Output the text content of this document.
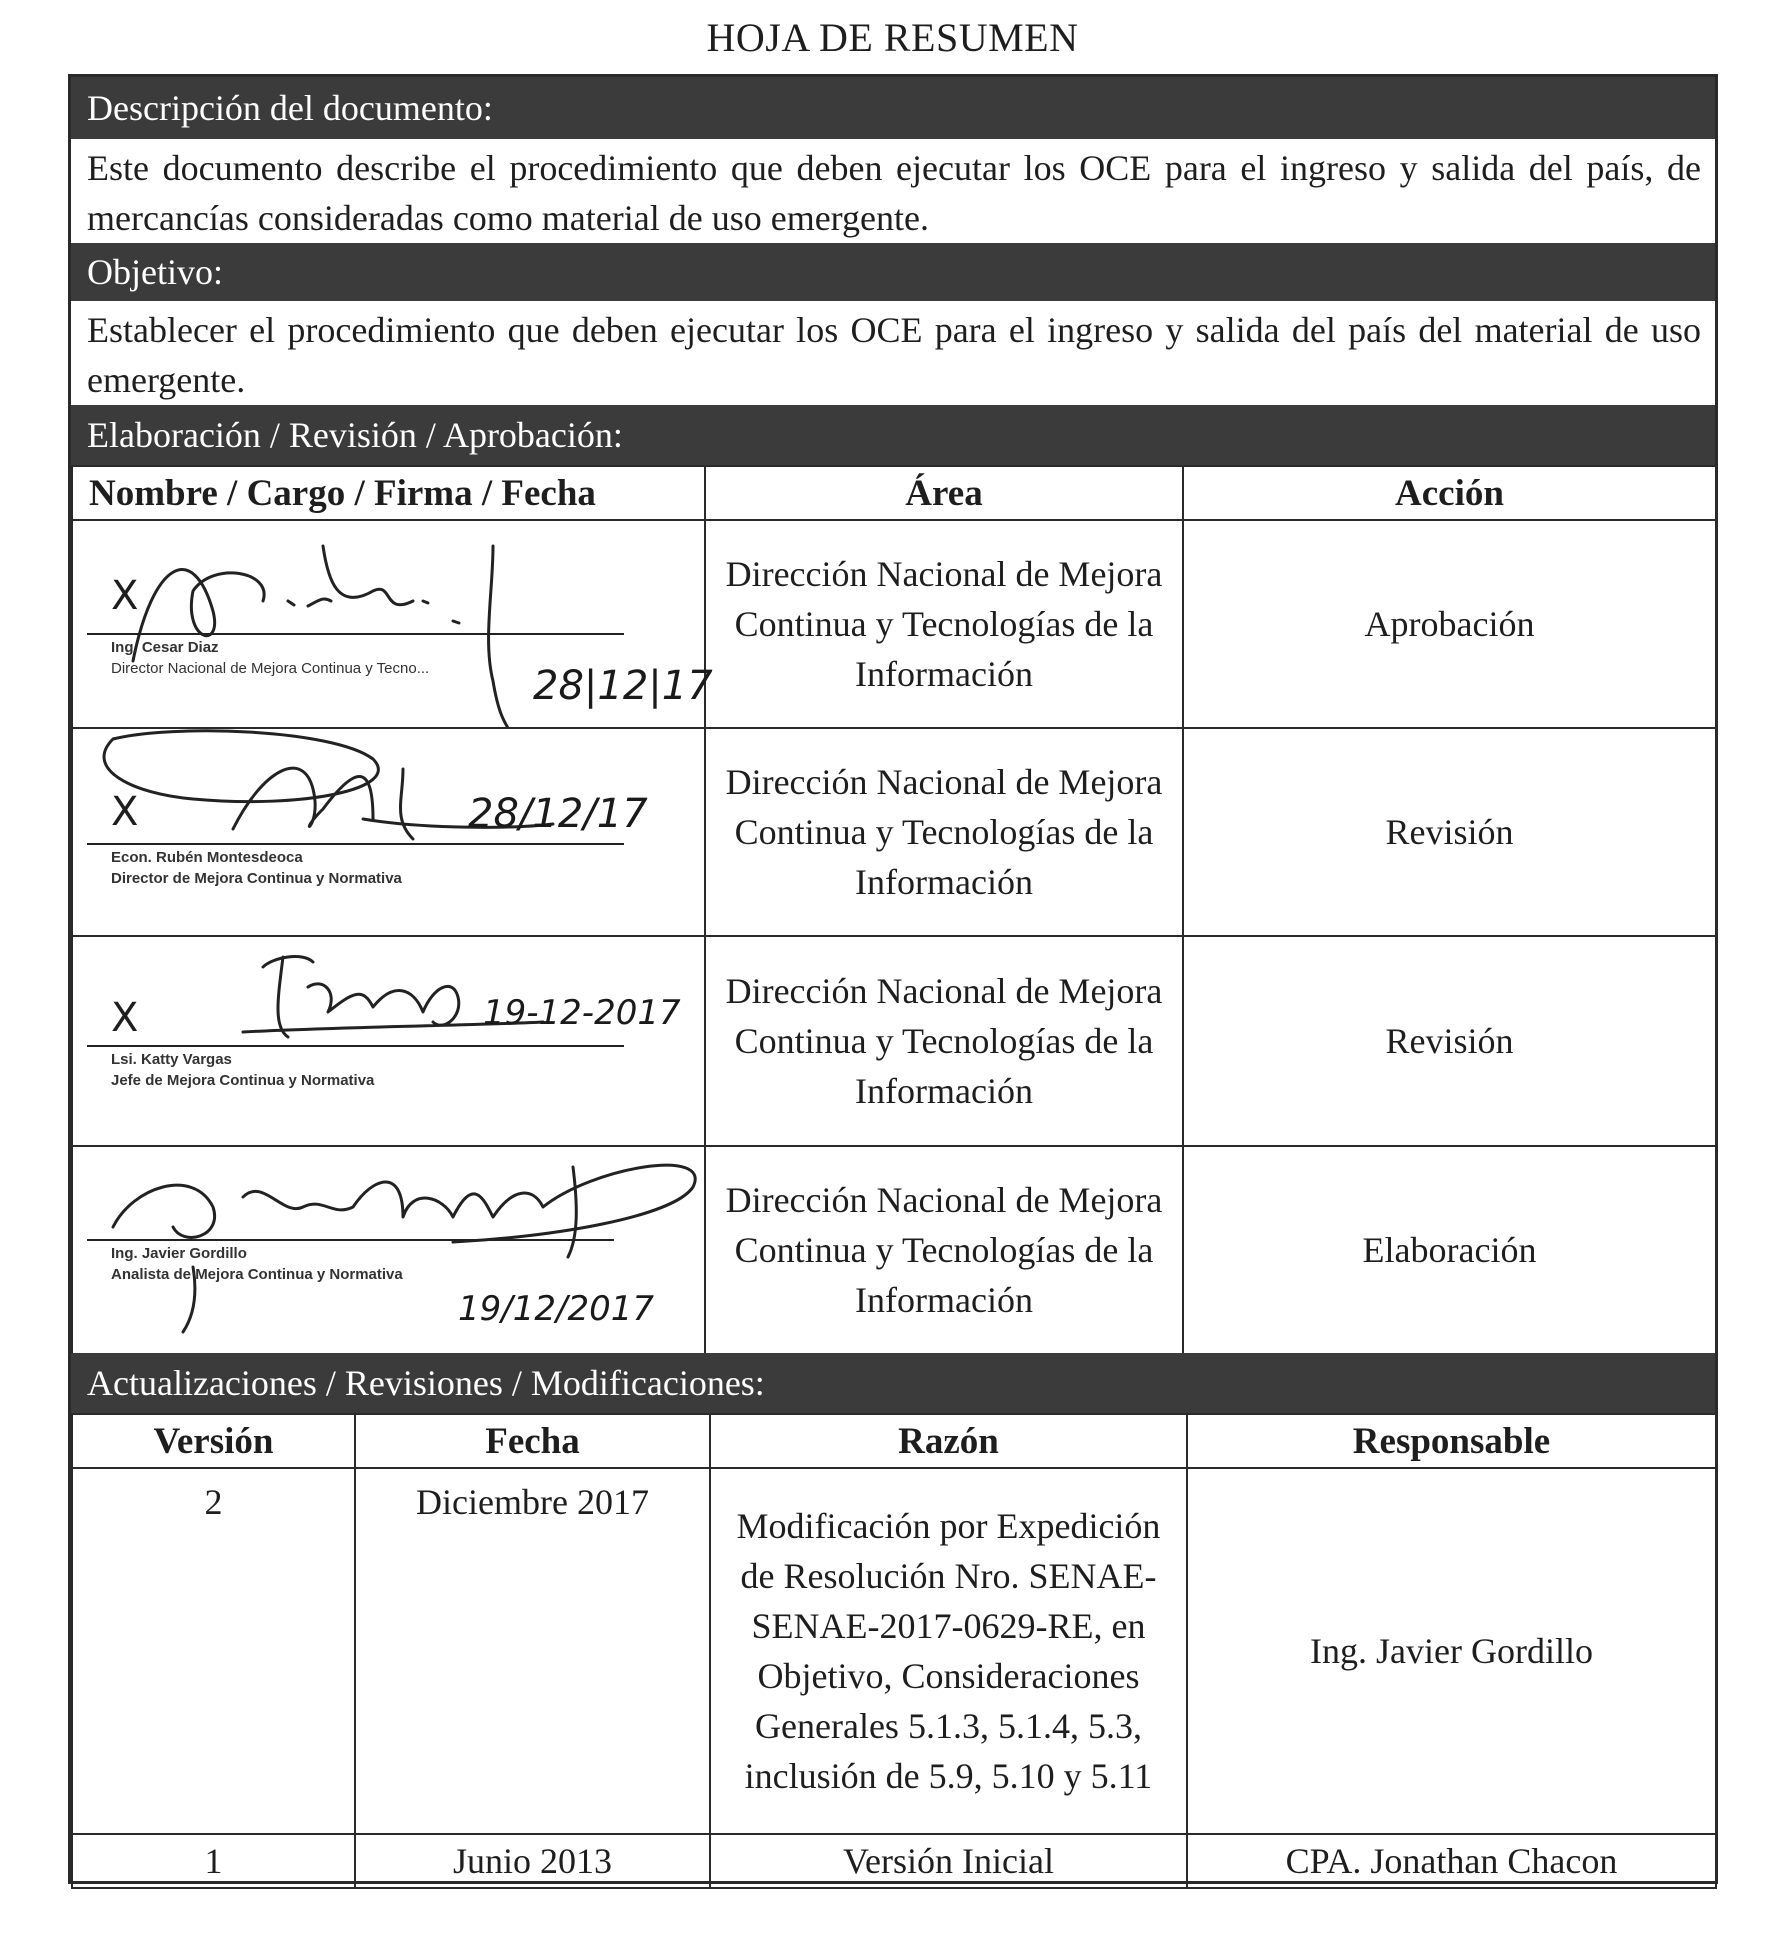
HOJA DE RESUMEN
Descripción del documento:
Este documento describe el procedimiento que deben ejecutar los OCE para el ingreso y salida del país, de mercancías consideradas como material de uso emergente.
Objetivo:
Establecer el procedimiento que deben ejecutar los OCE para el ingreso y salida del país del material de uso emergente.
Elaboración / Revisión / Aprobación:
Nombre / Cargo / Firma / Fecha	Área	Acción

X
Ing. Cesar Diaz
Director Nacional de Mejora Continua y Tecno... 28|12|17	Dirección Nacional de Mejora Continua y Tecnologías de la Información	Aprobación

X
Econ. Rubén Montesdeoca
Director de Mejora Continua y Normativa
28/12/17	Dirección Nacional de Mejora Continua y Tecnologías de la Información	Revisión

X
Lsi. Katty Vargas
Jefe de Mejora Continua y Normativa
19-12-2017	Dirección Nacional de Mejora Continua y Tecnologías de la Información	Revisión

Ing. Javier Gordillo
Analista de Mejora Continua y Normativa
19/12/2017	Dirección Nacional de Mejora Continua y Tecnologías de la Información	Elaboración
Actualizaciones / Revisiones / Modificaciones:
Versión	Fecha	Razón	Responsable
2	Diciembre 2017	Modificación por Expedición de Resolución Nro. SENAE-SENAE-2017-0629-RE, en Objetivo, Consideraciones Generales 5.1.3, 5.1.4, 5.3, inclusión de 5.9, 5.10 y 5.11	Ing. Javier Gordillo
1	Junio 2013	Versión Inicial	CPA. Jonathan Chacon
